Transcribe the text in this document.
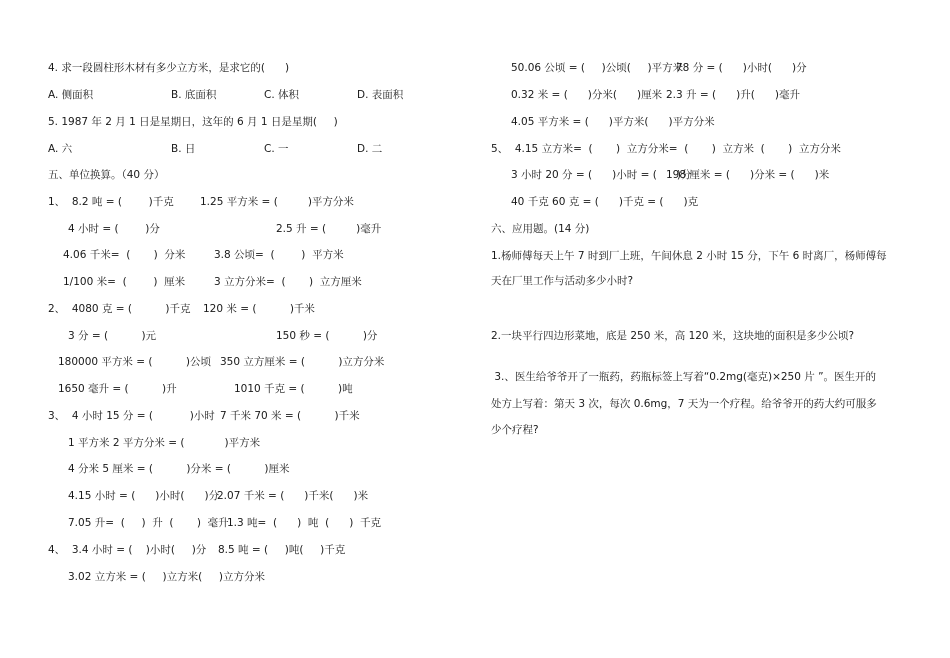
4. 求一段圆柱形木材有多少立方米，是求它的(      )
A. 侧面积	B. 底面积	C. 体积	D. 表面积
5. 1987 年 2 月 1 日是星期日，这年的 6 月 1 日是星期(     )
A. 六	B. 日	C. 一	D. 二
五、单位换算。（40 分）
1、  8.2 吨 = (        )千克 1.25 平方米 = (         )平方分米
4 小时 = (        )分	2.5 升 = (         )毫升
4.06 千米=  (       )  分米	3.8 公顷=  (        )  平方米
1/100 米=  (        )  厘米	3 立方分米=  (       )  立方厘米
2、  4080 克 = (          )千克 120 米 = (          )千米
3 分 = (          )元	150 秒 = (          )分
180000 平方米 = (          )公顷 350 立方厘米 = (          )立方分米
1650 毫升 = (          )升	1010 千克 = (          )吨
3、  4 小时 15 分 = (           )小时 7 千米 70 米 = (          )千米
1 平方米 2 平方分米 = (            )平方米
4 分米 5 厘米 = (          )分米 = (          )厘米
4.15 小时 = (      )小时(      )分
2.07 千米 = (      )千米(      )米
7.05 升=  (     )  升  (       )  毫升
1.3 吨=  (      )  吨  (      )  千克
4、  3.4 小时 = (    )小时(     )分 8.5 吨 = (     )吨(     )千克
3.02 立方米 = (     )立方米(     )立方分米
50.06 公顷 = (     )公顷(     )平方米
78 分 = (      )小时(      )分
0.32 米 = (      )分米(      )厘米 2.3 升 = (      )升(      )毫升
4.05 平方米 = (      )平方米(      )平方分米
5、  4.15 立方米=  (       )  立方分米=  (       )  立方米  (       )  立方分米
3 小时 20 分 = (      )小时 = (      )分
198 厘米 = (      )分米 = (      )米
40 千克 60 克 = (      )千克 = (      )克
六、应用题。(14 分)
1.杨师傅每天上午 7 时到厂上班，午间休息 2 小时 15 分，下午 6 时离厂，杨师傅每
天在厂里工作与活动多少小时?
2.一块平行四边形菜地，底是 250 米，高 120 米，这块地的面积是多少公顷?
3.、医生给爷爷开了一瓶药，药瓶标签上写着“0.2mg(毫克)×250 片 ”。医生开的
处方上写着：第天 3 次，每次 0.6mg，7 天为一个疗程。给爷爷开的药大约可服多
少个疗程?
